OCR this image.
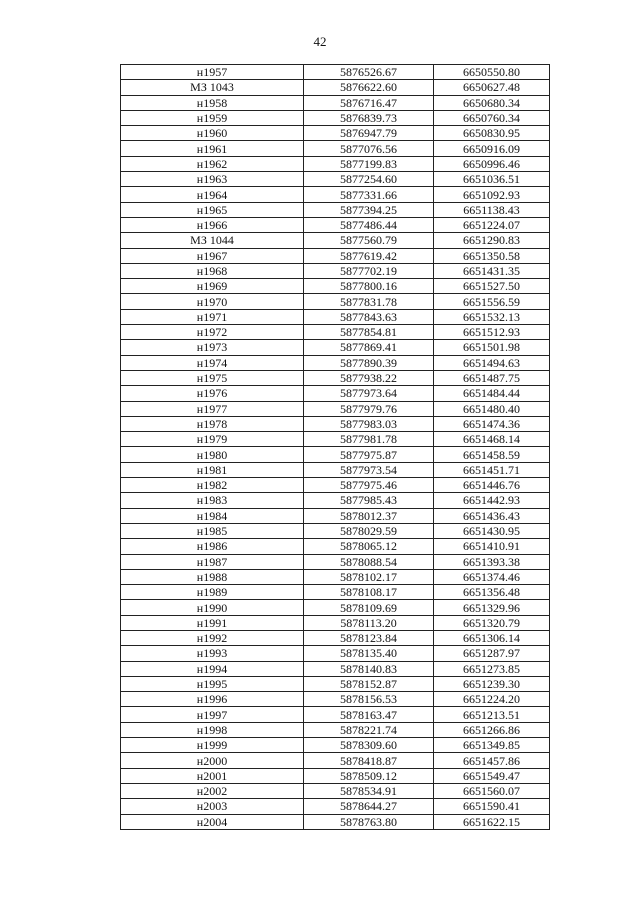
42
н1957	5876526.67	6650550.80
МЗ 1043	5876622.60	6650627.48
н1958	5876716.47	6650680.34
н1959	5876839.73	6650760.34
н1960	5876947.79	6650830.95
н1961	5877076.56	6650916.09
н1962	5877199.83	6650996.46
н1963	5877254.60	6651036.51
н1964	5877331.66	6651092.93
н1965	5877394.25	6651138.43
н1966	5877486.44	6651224.07
МЗ 1044	5877560.79	6651290.83
н1967	5877619.42	6651350.58
н1968	5877702.19	6651431.35
н1969	5877800.16	6651527.50
н1970	5877831.78	6651556.59
н1971	5877843.63	6651532.13
н1972	5877854.81	6651512.93
н1973	5877869.41	6651501.98
н1974	5877890.39	6651494.63
н1975	5877938.22	6651487.75
н1976	5877973.64	6651484.44
н1977	5877979.76	6651480.40
н1978	5877983.03	6651474.36
н1979	5877981.78	6651468.14
н1980	5877975.87	6651458.59
н1981	5877973.54	6651451.71
н1982	5877975.46	6651446.76
н1983	5877985.43	6651442.93
н1984	5878012.37	6651436.43
н1985	5878029.59	6651430.95
н1986	5878065.12	6651410.91
н1987	5878088.54	6651393.38
н1988	5878102.17	6651374.46
н1989	5878108.17	6651356.48
н1990	5878109.69	6651329.96
н1991	5878113.20	6651320.79
н1992	5878123.84	6651306.14
н1993	5878135.40	6651287.97
н1994	5878140.83	6651273.85
н1995	5878152.87	6651239.30
н1996	5878156.53	6651224.20
н1997	5878163.47	6651213.51
н1998	5878221.74	6651266.86
н1999	5878309.60	6651349.85
н2000	5878418.87	6651457.86
н2001	5878509.12	6651549.47
н2002	5878534.91	6651560.07
н2003	5878644.27	6651590.41
н2004	5878763.80	6651622.15
